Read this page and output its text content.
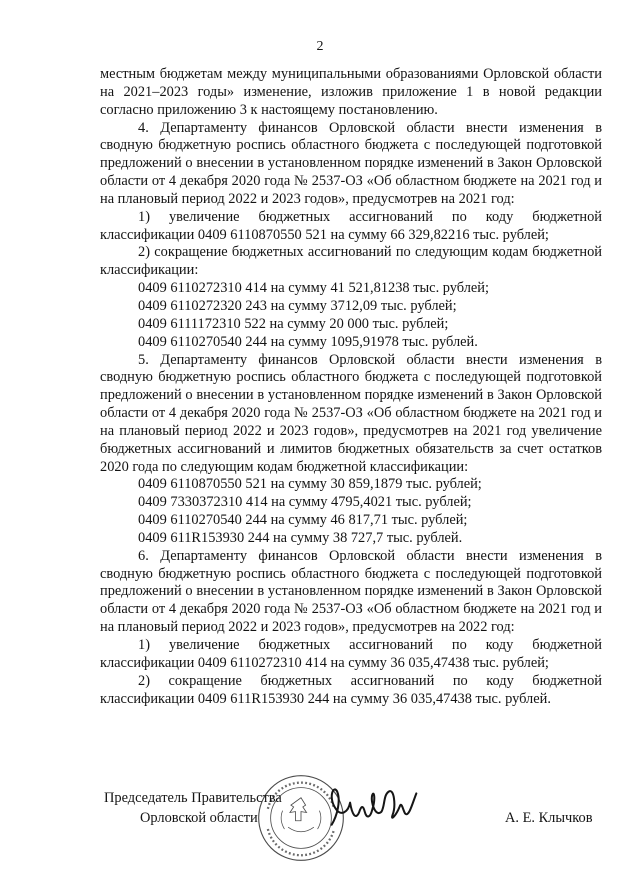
2

местным бюджетам между муниципальными образованиями Орловской области на 2021–2023 годы» изменение, изложив приложение 1 в новой редакции согласно приложению 3 к настоящему постановлению.

4. Департаменту финансов Орловской области внести изменения в сводную бюджетную роспись областного бюджета с последующей подготовкой предложений о внесении в установленном порядке изменений в Закон Орловской области от 4 декабря 2020 года № 2537-ОЗ «Об областном бюджете на 2021 год и на плановый период 2022 и 2023 годов», предусмотрев на 2021 год:

1) увеличение бюджетных ассигнований по коду бюджетной классификации 0409 6110870550 521 на сумму 66 329,82216 тыс. рублей;

2) сокращение бюджетных ассигнований по следующим кодам бюджетной классификации:

0409 6110272310 414 на сумму 41 521,81238 тыс. рублей;

0409 6110272320 243 на сумму 3712,09 тыс. рублей;

0409 6111172310 522 на сумму 20 000 тыс. рублей;

0409 6110270540 244 на сумму 1095,91978 тыс. рублей.

5. Департаменту финансов Орловской области внести изменения в сводную бюджетную роспись областного бюджета с последующей подготовкой предложений о внесении в установленном порядке изменений в Закон Орловской области от 4 декабря 2020 года № 2537-ОЗ «Об областном бюджете на 2021 год и на плановый период 2022 и 2023 годов», предусмотрев на 2021 год увеличение бюджетных ассигнований и лимитов бюджетных обязательств за счет остатков 2020 года по следующим кодам бюджетной классификации:

0409 6110870550 521 на сумму 30 859,1879 тыс. рублей;

0409 7330372310 414 на сумму 4795,4021 тыс. рублей;

0409 6110270540 244 на сумму 46 817,71 тыс. рублей;

0409 611R153930 244 на сумму 38 727,7 тыс. рублей.

6. Департаменту финансов Орловской области внести изменения в сводную бюджетную роспись областного бюджета с последующей подготовкой предложений о внесении в установленном порядке изменений в Закон Орловской области от 4 декабря 2020 года № 2537-ОЗ «Об областном бюджете на 2021 год и на плановый период 2022 и 2023 годов», предусмотрев на 2022 год:

1) увеличение бюджетных ассигнований по коду бюджетной классификации 0409 6110272310 414 на сумму 36 035,47438 тыс. рублей;

2) сокращение бюджетных ассигнований по коду бюджетной классификации 0409 611R153930 244 на сумму 36 035,47438 тыс. рублей.

Председатель Правительства
Орловской области	А. Е. Клычков
